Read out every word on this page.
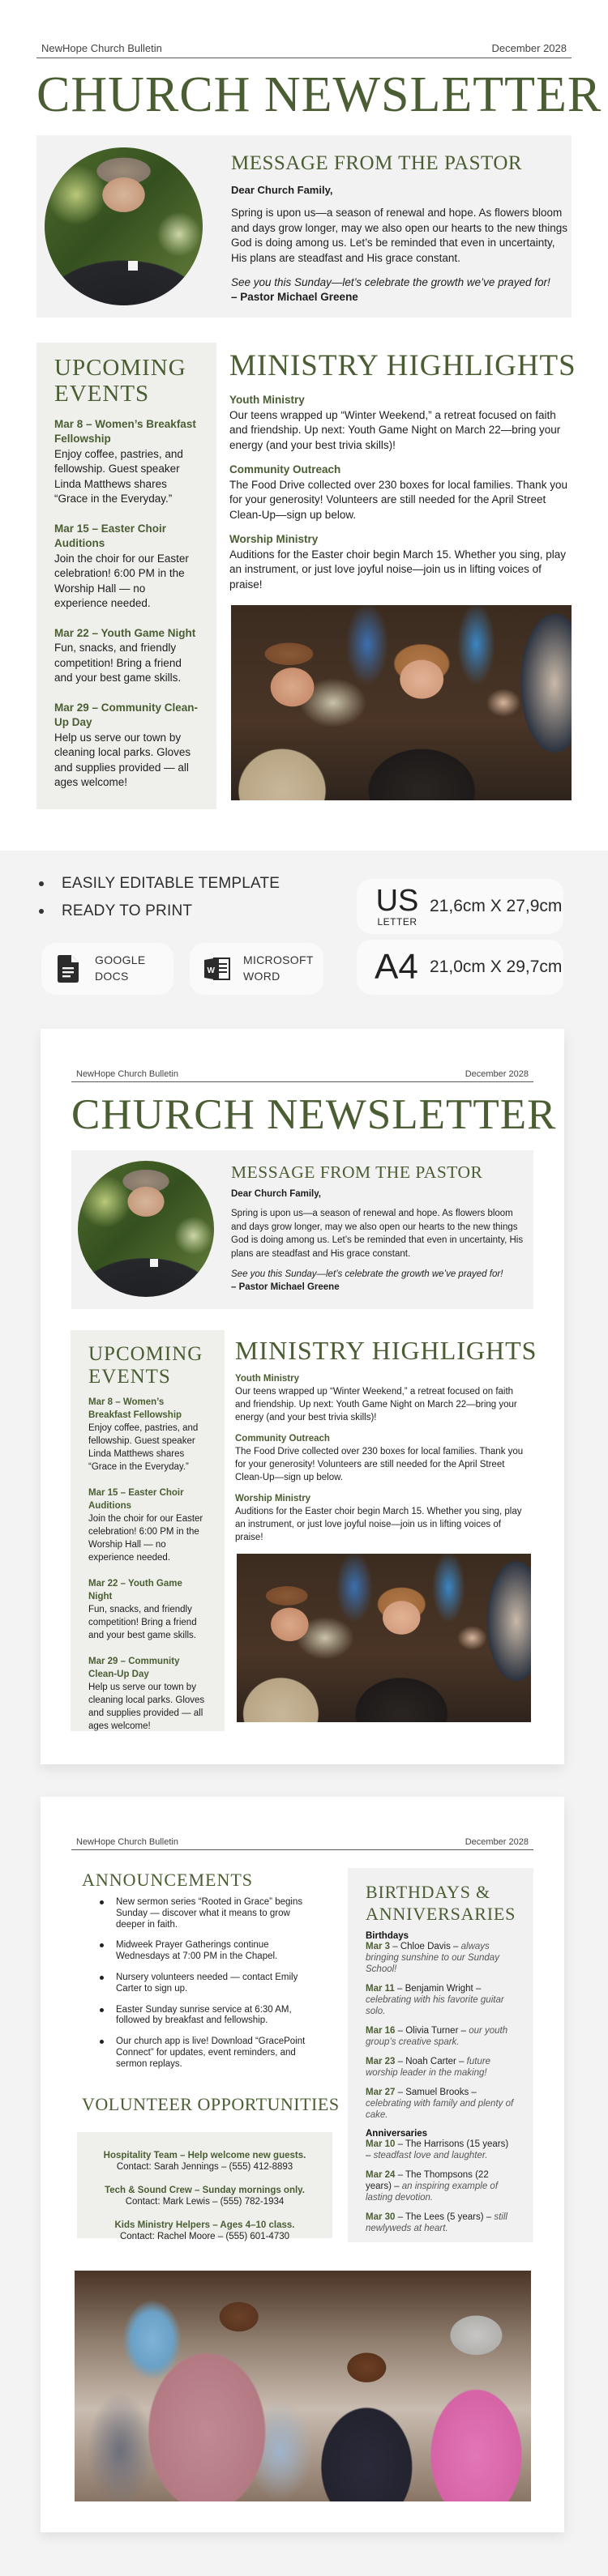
NewHope Church Bulletin	December 2028
CHURCH NEWSLETTER
MESSAGE FROM THE PASTOR
Dear Church Family,

Spring is upon us—a season of renewal and hope. As flowers bloom and days grow longer, may we also open our hearts to the new things God is doing among us. Let’s be reminded that even in uncertainty, His plans are steadfast and His grace constant.

See you this Sunday—let’s celebrate the growth we’ve prayed for!

– Pastor Michael Greene

UPCOMING
EVENTS
Mar 8 – Women’s Breakfast Fellowship
Enjoy coffee, pastries, and fellowship. Guest speaker Linda Matthews shares “Grace in the Everyday.”
Mar 15 – Easter Choir Auditions
Join the choir for our Easter celebration! 6:00 PM in the Worship Hall — no experience needed.
Mar 22 – Youth Game Night
Fun, snacks, and friendly competition! Bring a friend and your best game skills.
Mar 29 – Community Clean-Up Day
Help us serve our town by cleaning local parks. Gloves and supplies provided — all ages welcome!
MINISTRY HIGHLIGHTS
Youth Ministry
Our teens wrapped up “Winter Weekend,” a retreat focused on faith and friendship. Up next: Youth Game Night on March 22—bring your energy (and your best trivia skills)!
Community Outreach
The Food Drive collected over 230 boxes for local families. Thank you for your generosity! Volunteers are still needed for the April Street Clean-Up—sign up below.
Worship Ministry
Auditions for the Easter choir begin March 15. Whether you sing, play an instrument, or just love joyful noise—join us in lifting voices of praise!
EASILY EDITABLE TEMPLATE
READY TO PRINT
GOOGLE
DOCS	W
MICROSOFT
WORD
US
LETTER
21,6cm X 27,9cm
A4 21,0cm X 29,7cm
NewHope Church Bulletin	December 2028
CHURCH NEWSLETTER
MESSAGE FROM THE PASTOR
Dear Church Family,

Spring is upon us—a season of renewal and hope. As flowers bloom and days grow longer, may we also open our hearts to the new things God is doing among us. Let’s be reminded that even in uncertainty, His plans are steadfast and His grace constant.

See you this Sunday—let’s celebrate the growth we’ve prayed for!

– Pastor Michael Greene

UPCOMING
EVENTS
Mar 8 – Women’s Breakfast Fellowship
Enjoy coffee, pastries, and fellowship. Guest speaker Linda Matthews shares “Grace in the Everyday.”
Mar 15 – Easter Choir Auditions
Join the choir for our Easter celebration! 6:00 PM in the Worship Hall — no experience needed.
Mar 22 – Youth Game Night
Fun, snacks, and friendly competition! Bring a friend and your best game skills.
Mar 29 – Community Clean-Up Day
Help us serve our town by cleaning local parks. Gloves and supplies provided — all ages welcome!
MINISTRY HIGHLIGHTS
Youth Ministry
Our teens wrapped up “Winter Weekend,” a retreat focused on faith and friendship. Up next: Youth Game Night on March 22—bring your energy (and your best trivia skills)!
Community Outreach
The Food Drive collected over 230 boxes for local families. Thank you for your generosity! Volunteers are still needed for the April Street Clean-Up—sign up below.
Worship Ministry
Auditions for the Easter choir begin March 15. Whether you sing, play an instrument, or just love joyful noise—join us in lifting voices of praise!
NewHope Church Bulletin	December 2028
ANNOUNCEMENTS
New sermon series “Rooted in Grace” begins Sunday — discover what it means to grow deeper in faith.
Midweek Prayer Gatherings continue Wednesdays at 7:00 PM in the Chapel.
Nursery volunteers needed — contact Emily Carter to sign up.
Easter Sunday sunrise service at 6:30 AM, followed by breakfast and fellowship.
Our church app is live! Download “GracePoint Connect” for updates, event reminders, and sermon replays.
VOLUNTEER OPPORTUNITIES
Hospitality Team – Help welcome new guests.
Contact: Sarah Jennings – (555) 412-8893
Tech & Sound Crew – Sunday mornings only.
Contact: Mark Lewis – (555) 782-1934
Kids Ministry Helpers – Ages 4–10 class.
Contact: Rachel Moore – (555) 601-4730
BIRTHDAYS &
ANNIVERSARIES
Birthdays
Mar 3 – Chloe Davis – always bringing sunshine to our Sunday School!
Mar 11 – Benjamin Wright – celebrating with his favorite guitar solo.
Mar 16 – Olivia Turner – our youth group’s creative spark.
Mar 23 – Noah Carter – future worship leader in the making!
Mar 27 – Samuel Brooks – celebrating with family and plenty of cake.
Anniversaries
Mar 10 – The Harrisons (15 years) – steadfast love and laughter.
Mar 24 – The Thompsons (22 years) – an inspiring example of lasting devotion.
Mar 30 – The Lees (5 years) – still newlyweds at heart.
